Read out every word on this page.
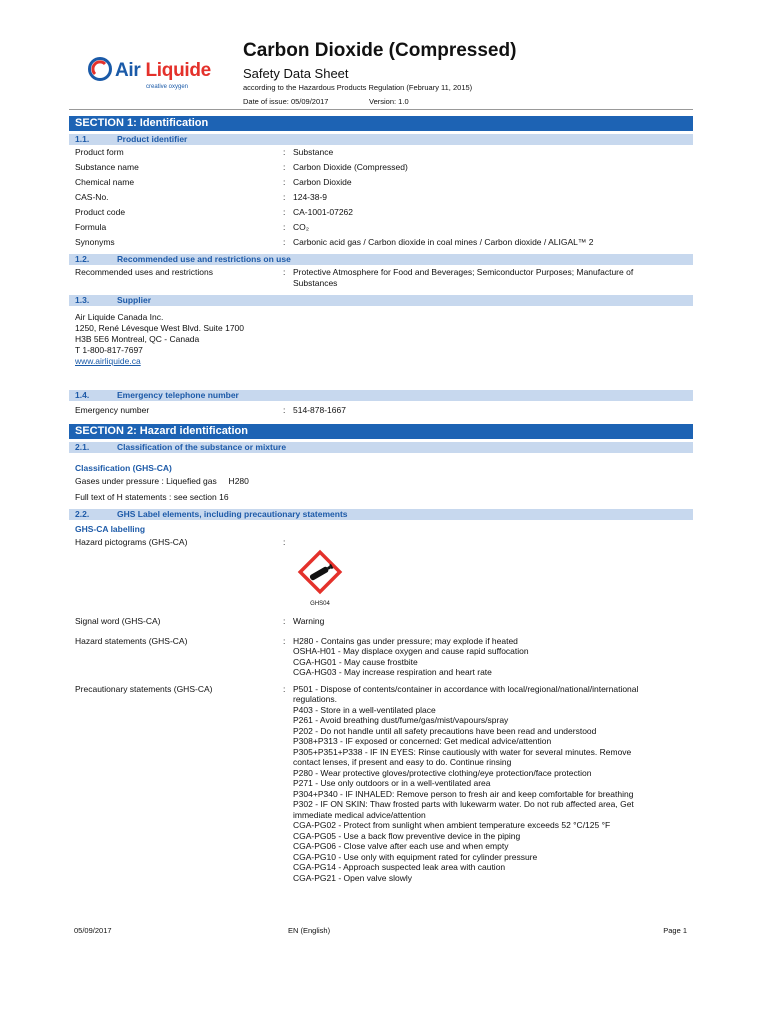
Air Liquide
creative oxygen
Carbon Dioxide (Compressed)
Safety Data Sheet
according to the Hazardous Products Regulation (February 11, 2015)
Date of issue: 05/09/2017	Version: 1.0
SECTION 1: Identification
1.1.	Product identifier
Product form	: Substance
Substance name	: Carbon Dioxide (Compressed)
Chemical name	: Carbon Dioxide
CAS-No.	: 124-38-9
Product code	: CA-1001-07262
Formula	: CO₂
Synonyms	: Carbonic acid gas / Carbon dioxide in coal mines / Carbon dioxide / ALIGAL™ 2
1.2.	Recommended use and restrictions on use
Recommended uses and restrictions	: Protective Atmosphere for Food and Beverages; Semiconductor Purposes; Manufacture of
Substances
1.3.	Supplier
Air Liquide Canada Inc.
1250, René Lévesque West Blvd. Suite 1700
H3B 5E6 Montreal, QC - Canada
T 1-800-817-7697
www.airliquide.ca
1.4.	Emergency telephone number
Emergency number	: 514-878-1667
SECTION 2: Hazard identification
2.1.	Classification of the substance or mixture
Classification (GHS-CA)
Gases under pressure : Liquefied gas     H280
Full text of H statements : see section 16
2.2.	GHS Label elements, including precautionary statements
GHS-CA labelling
Hazard pictograms (GHS-CA)	:
GHS04
Signal word (GHS-CA)	: Warning
Hazard statements (GHS-CA)	: H280 - Contains gas under pressure; may explode if heated
OSHA-H01 - May displace oxygen and cause rapid suffocation
CGA-HG01 - May cause frostbite
CGA-HG03 - May increase respiration and heart rate
Precautionary statements (GHS-CA)	: P501 - Dispose of contents/container in accordance with local/regional/national/international
regulations.
P403 - Store in a well-ventilated place
P261 - Avoid breathing dust/fume/gas/mist/vapours/spray
P202 - Do not handle until all safety precautions have been read and understood
P308+P313 - IF exposed or concerned: Get medical advice/attention
P305+P351+P338 - IF IN EYES: Rinse cautiously with water for several minutes. Remove
contact lenses, if present and easy to do. Continue rinsing
P280 - Wear protective gloves/protective clothing/eye protection/face protection
P271 - Use only outdoors or in a well-ventilated area
P304+P340 - IF INHALED: Remove person to fresh air and keep comfortable for breathing
P302 - IF ON SKIN: Thaw frosted parts with lukewarm water. Do not rub affected area, Get
immediate medical advice/attention
CGA-PG02 - Protect from sunlight when ambient temperature exceeds 52 °C/125 °F
CGA-PG05 - Use a back flow preventive device in the piping
CGA-PG06 - Close valve after each use and when empty
CGA-PG10 - Use only with equipment rated for cylinder pressure
CGA-PG14 - Approach suspected leak area with caution
CGA-PG21 - Open valve slowly
05/09/2017	EN (English)	Page 1
